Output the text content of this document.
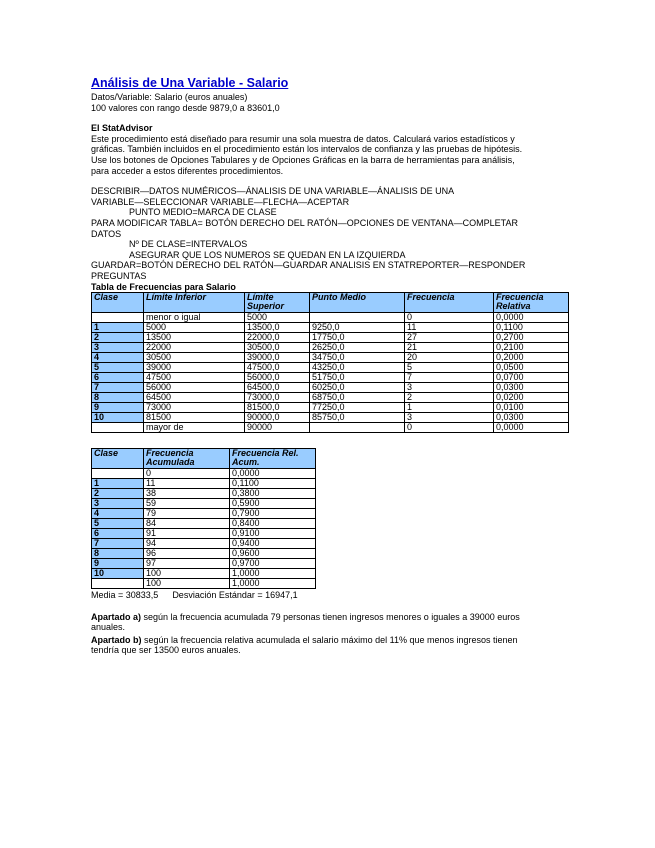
Análisis de Una Variable - Salario
Datos/Variable: Salario (euros anuales)
100 valores con rango desde 9879,0 a 83601,0
El StatAdvisor
Este procedimiento está diseñado para resumir una sola muestra de datos. Calculará varios estadísticos y
gráficas. También incluidos en el procedimiento están los intervalos de confianza y las pruebas de hipótesis.
Use los botones de Opciones Tabulares y de Opciones Gráficas en la barra de herramientas para análisis,
para acceder a estos diferentes procedimientos.
DESCRIBIR—DATOS NUMÉRICOS—ÁNALISIS DE UNA VARIABLE—ÁNALISIS DE UNA
VARIABLE—SELECCIONAR VARIABLE—FLECHA—ACEPTAR
PUNTO MEDIO=MARCA DE CLASE
PARA MODIFICAR TABLA= BOTÓN DERECHO DEL RATÓN—OPCIONES DE VENTANA—COMPLETAR
DATOS
Nº DE CLASE=INTERVALOS
ASEGURAR QUE LOS NUMEROS SE QUEDAN EN LA IZQUIERDA
GUARDAR=BOTÓN DERECHO DEL RATÓN—GUARDAR ANALISIS EN STATREPORTER—RESPONDER
PREGUNTAS
Tabla de Frecuencias para Salario
Clase	Límite Inferior	Límite
Superior	Punto Medio	Frecuencia	Frecuencia
Relativa
	menor o igual	5000		0	0,0000
1	5000	13500,0	9250,0	11	0,1100
2	13500	22000,0	17750,0	27	0,2700
3	22000	30500,0	26250,0	21	0,2100
4	30500	39000,0	34750,0	20	0,2000
5	39000	47500,0	43250,0	5	0,0500
6	47500	56000,0	51750,0	7	0,0700
7	56000	64500,0	60250,0	3	0,0300
8	64500	73000,0	68750,0	2	0,0200
9	73000	81500,0	77250,0	1	0,0100
10	81500	90000,0	85750,0	3	0,0300
	mayor de	90000		0	0,0000
Clase	Frecuencia
Acumulada	Frecuencia Rel.
Acum.
	0	0,0000
1	11	0,1100
2	38	0,3800
3	59	0,5900
4	79	0,7900
5	84	0,8400
6	91	0,9100
7	94	0,9400
8	96	0,9600
9	97	0,9700
10	100	1,0000
	100	1,0000
Media = 30833,5 Desviación Estándar = 16947,1
Apartado a) según la frecuencia acumulada 79 personas tienen ingresos menores o iguales a 39000 euros
anuales.
Apartado b) según la frecuencia relativa acumulada el salario máximo del 11% que menos ingresos tienen
tendría que ser 13500 euros anuales.
